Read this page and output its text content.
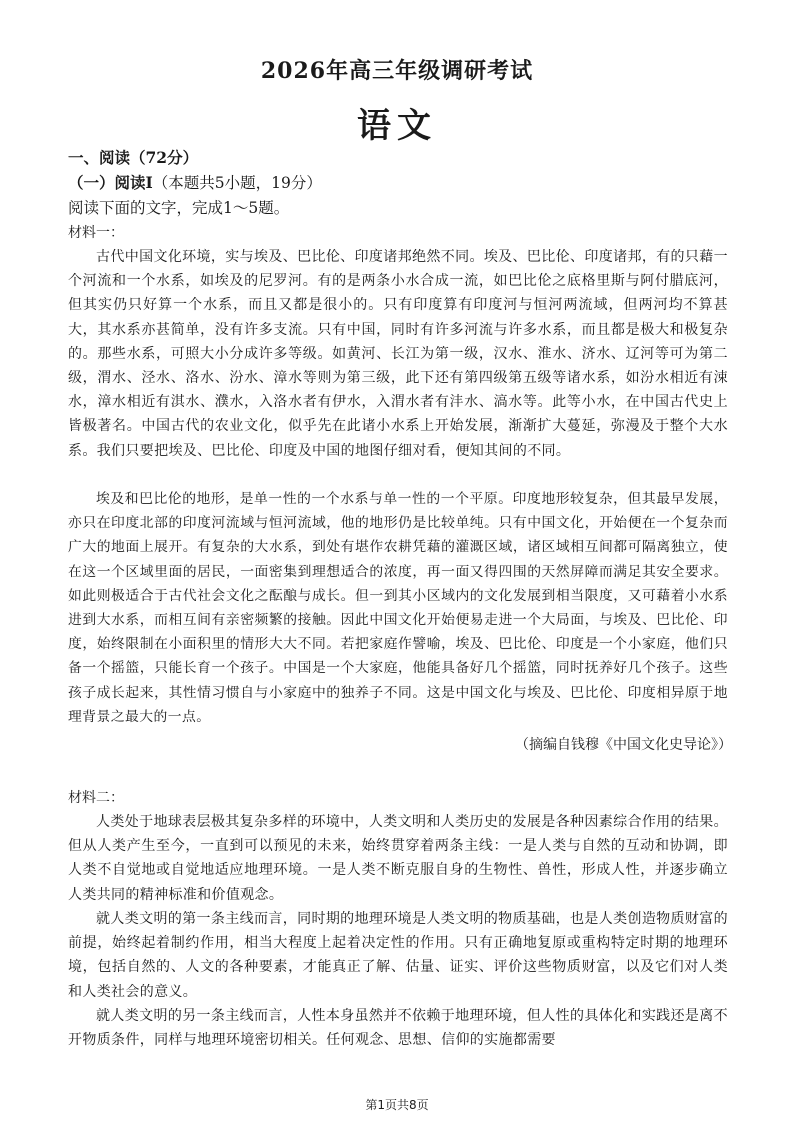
2026年高三年级调研考试
语文
一、阅读（72分）
（一）阅读Ⅰ（本题共5小题，19分）
阅读下面的文字，完成1～5题。
材料一：

古代中国文化环境，实与埃及、巴比伦、印度诸邦绝然不同。埃及、巴比伦、印度诸邦，有的只藉一个河流和一个水系，如埃及的尼罗河。有的是两条小水合成一流，如巴比伦之底格里斯与阿付腊底河，但其实仍只好算一个水系，而且又都是很小的。只有印度算有印度河与恒河两流域，但两河均不算甚大，其水系亦甚简单，没有许多支流。只有中国，同时有许多河流与许多水系，而且都是极大和极复杂的。那些水系，可照大小分成许多等级。如黄河、长江为第一级，汉水、淮水、济水、辽河等可为第二级，渭水、泾水、洛水、汾水、漳水等则为第三级，此下还有第四级第五级等诸水系，如汾水相近有涑水，漳水相近有淇水、濮水，入洛水者有伊水，入渭水者有沣水、滈水等。此等小水，在中国古代史上皆极著名。中国古代的农业文化，似乎先在此诸小水系上开始发展，渐渐扩大蔓延，弥漫及于整个大水系。我们只要把埃及、巴比伦、印度及中国的地图仔细对看，便知其间的不同。

埃及和巴比伦的地形，是单一性的一个水系与单一性的一个平原。印度地形较复杂，但其最早发展，亦只在印度北部的印度河流域与恒河流域，他的地形仍是比较单纯。只有中国文化，开始便在一个复杂而广大的地面上展开。有复杂的大水系，到处有堪作农耕凭藉的灌溉区域，诸区域相互间都可隔离独立，使在这一个区域里面的居民，一面密集到理想适合的浓度，再一面又得四围的天然屏障而满足其安全要求。如此则极适合于古代社会文化之酝酿与成长。但一到其小区域内的文化发展到相当限度，又可藉着小水系进到大水系，而相互间有亲密频繁的接触。因此中国文化开始便易走进一个大局面，与埃及、巴比伦、印度，始终限制在小面积里的情形大大不同。若把家庭作譬喻，埃及、巴比伦、印度是一个小家庭，他们只备一个摇篮，只能长育一个孩子。中国是一个大家庭，他能具备好几个摇篮，同时抚养好几个孩子。这些孩子成长起来，其性情习惯自与小家庭中的独养子不同。这是中国文化与埃及、巴比伦、印度相异原于地理背景之最大的一点。

（摘编自钱穆《中国文化史导论》）
材料二：

人类处于地球表层极其复杂多样的环境中，人类文明和人类历史的发展是各种因素综合作用的结果。但从人类产生至今，一直到可以预见的未来，始终贯穿着两条主线：一是人类与自然的互动和协调，即人类不自觉地或自觉地适应地理环境。一是人类不断克服自身的生物性、兽性，形成人性，并逐步确立人类共同的精神标准和价值观念。

就人类文明的第一条主线而言，同时期的地理环境是人类文明的物质基础，也是人类创造物质财富的前提，始终起着制约作用，相当大程度上起着决定性的作用。只有正确地复原或重构特定时期的地理环境，包括自然的、人文的各种要素，才能真正了解、估量、证实、评价这些物质财富，以及它们对人类和人类社会的意义。

就人类文明的另一条主线而言，人性本身虽然并不依赖于地理环境，但人性的具体化和实践还是离不开物质条件，同样与地理环境密切相关。任何观念、思想、信仰的实施都需要

第1页共8页
